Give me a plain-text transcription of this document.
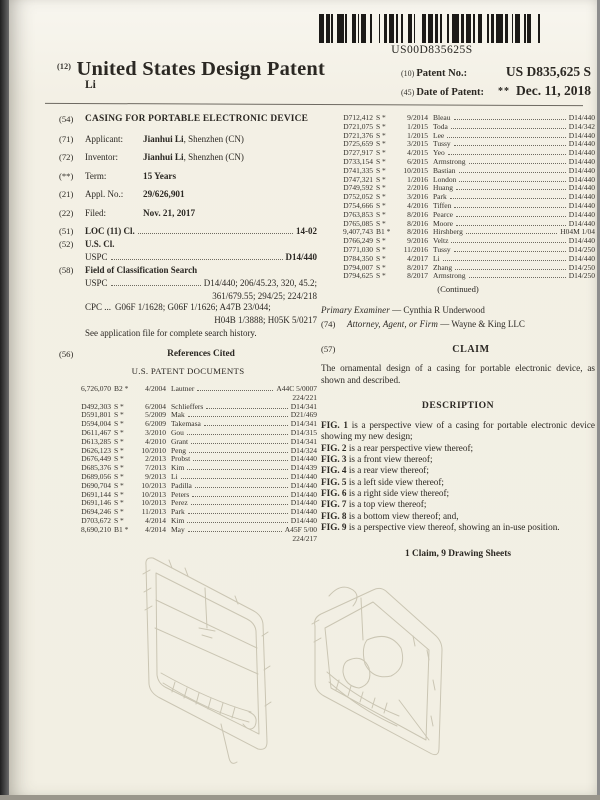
US00D835625S
$^{(12)}$ United States Design Patent
Li
(10) Patent No.:	US D835,625 S
(45) Date of Patent: ** Dec. 11, 2018
(54)	CASING FOR PORTABLE ELECTRONIC DEVICE
(71)	Applicant:	Jianhui Li, Shenzhen (CN)
(72)	Inventor:	Jianhui Li, Shenzhen (CN)
(**)	Term:	15 Years
(21)	Appl. No.:	29/626,901
(22)	Filed:	Nov. 21, 2017
(51)	LOC (11) Cl.	14-02
(52)	U.S. Cl.
USPC	D14/440
(58)	Field of Classification Search
USPC	D14/440; 206/45.23, 320, 45.2;
361/679.55; 294/25; 224/218
CPC ... G06F 1/1628; G06F 1/1626; A47B 23/044;
H04B 1/3888; H05K 5/0217
See application file for complete search history.
(56)	References Cited
U.S. PATENT DOCUMENTS
6,726,070 B2 *	4/2004 Lautner	A44C 5/0007
224/221
D492,303 S *	6/2004 Schlieffers	D14/341
D591,801 S *	5/2009 Mak	D21/469
D594,004 S *	6/2009 Takemasa	D14/341
D611,467 S *	3/2010 Gou	D14/315
D613,285 S *	4/2010 Grant	D14/341
D626,123 S *	10/2010 Peng	D14/324
D676,449 S *	2/2013 Probst	D14/440
D685,376 S *	7/2013 Kim	D14/439
D689,056 S *	9/2013 Li	D14/440
D690,704 S *	10/2013 Padilla	D14/440
D691,144 S *	10/2013 Peters	D14/440
D691,146 S *	10/2013 Perez	D14/440
D694,246 S *	11/2013 Park	D14/440
D703,672 S *	4/2014 Kim	D14/440
8,690,210 B1 *	4/2014 May	A45F 5/00
224/217
D712,412 S *	9/2014 Bleau	D14/440
D721,075 S *	1/2015 Toda	D14/342
D721,376 S *	1/2015 Lee	D14/440
D725,659 S *	3/2015 Tussy	D14/440
D727,917 S *	4/2015 Yeo	D14/440
D733,154 S *	6/2015 Armstrong	D14/440
D741,335 S *	10/2015 Bastian	D14/440
D747,321 S *	1/2016 London	D14/440
D749,592 S *	2/2016 Huang	D14/440
D752,052 S *	3/2016 Park	D14/440
D754,666 S *	4/2016 Tiffen	D14/440
D763,853 S *	8/2016 Pearce	D14/440
D765,085 S *	8/2016 Moore	D14/440
9,407,743 B1 *	8/2016 Hirshberg	H04M 1/04
D766,249 S *	9/2016 Veltz	D14/440
D771,030 S *	11/2016 Tussy	D14/250
D784,350 S *	4/2017 Li	D14/440
D794,007 S *	8/2017 Zhang	D14/250
D794,625 S *	8/2017 Armstrong	D14/250
(Continued)
Primary Examiner — Cynthia R Underwood
(74)	Attorney, Agent, or Firm — Wayne & King LLC
(57)	CLAIM

The ornamental design of a casing for portable electronic device, as shown and described.

DESCRIPTION

FIG. 1 is a perspective view of a casing for portable electronic device showing my new design;

FIG. 2 is a rear perspective view thereof;

FIG. 3 is a front view thereof;

FIG. 4 is a rear view thereof;

FIG. 5 is a left side view thereof;

FIG. 6 is a right side view thereof;

FIG. 7 is a top view thereof;

FIG. 8 is a bottom view thereof; and,

FIG. 9 is a perspective view thereof, showing an in-use position.

1 Claim, 9 Drawing Sheets
